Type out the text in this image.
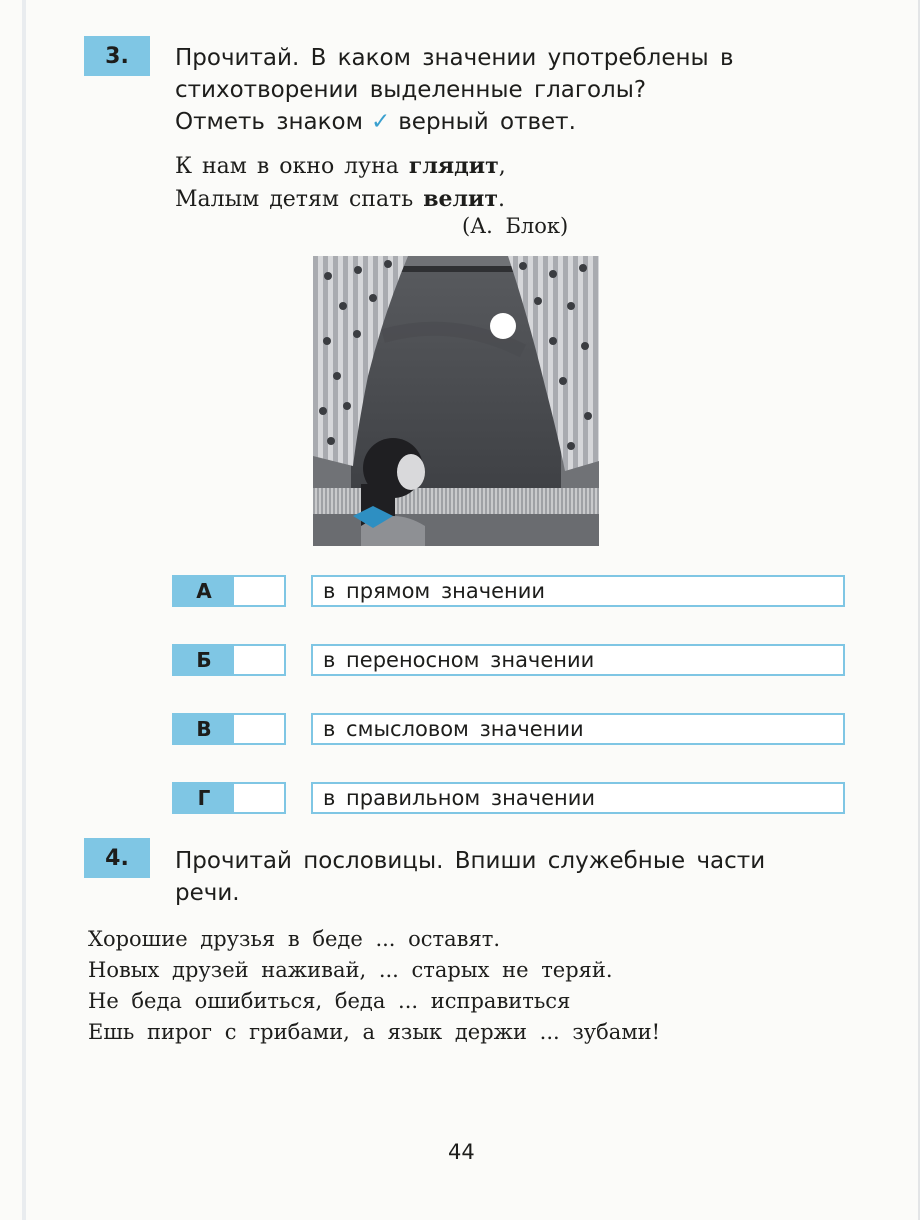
3.	Прочитай. В каком значении употреблены в
стихотворении выделенные глаголы?
Отметь знаком ✓ верный ответ.
К нам в окно луна глядит,
Малым детям спать велит.
(А. Блок)
А	в прямом значении
Б	в переносном значении
В	в смысловом значении
Г	в правильном значении
4.	Прочитай пословицы. Впиши служебные части
речи.
Хорошие друзья в беде ... оставят.
Новых друзей наживай, ... старых не теряй.
Не беда ошибиться, беда ... исправиться
Ешь пирог с грибами, а язык держи ... зубами!
44
